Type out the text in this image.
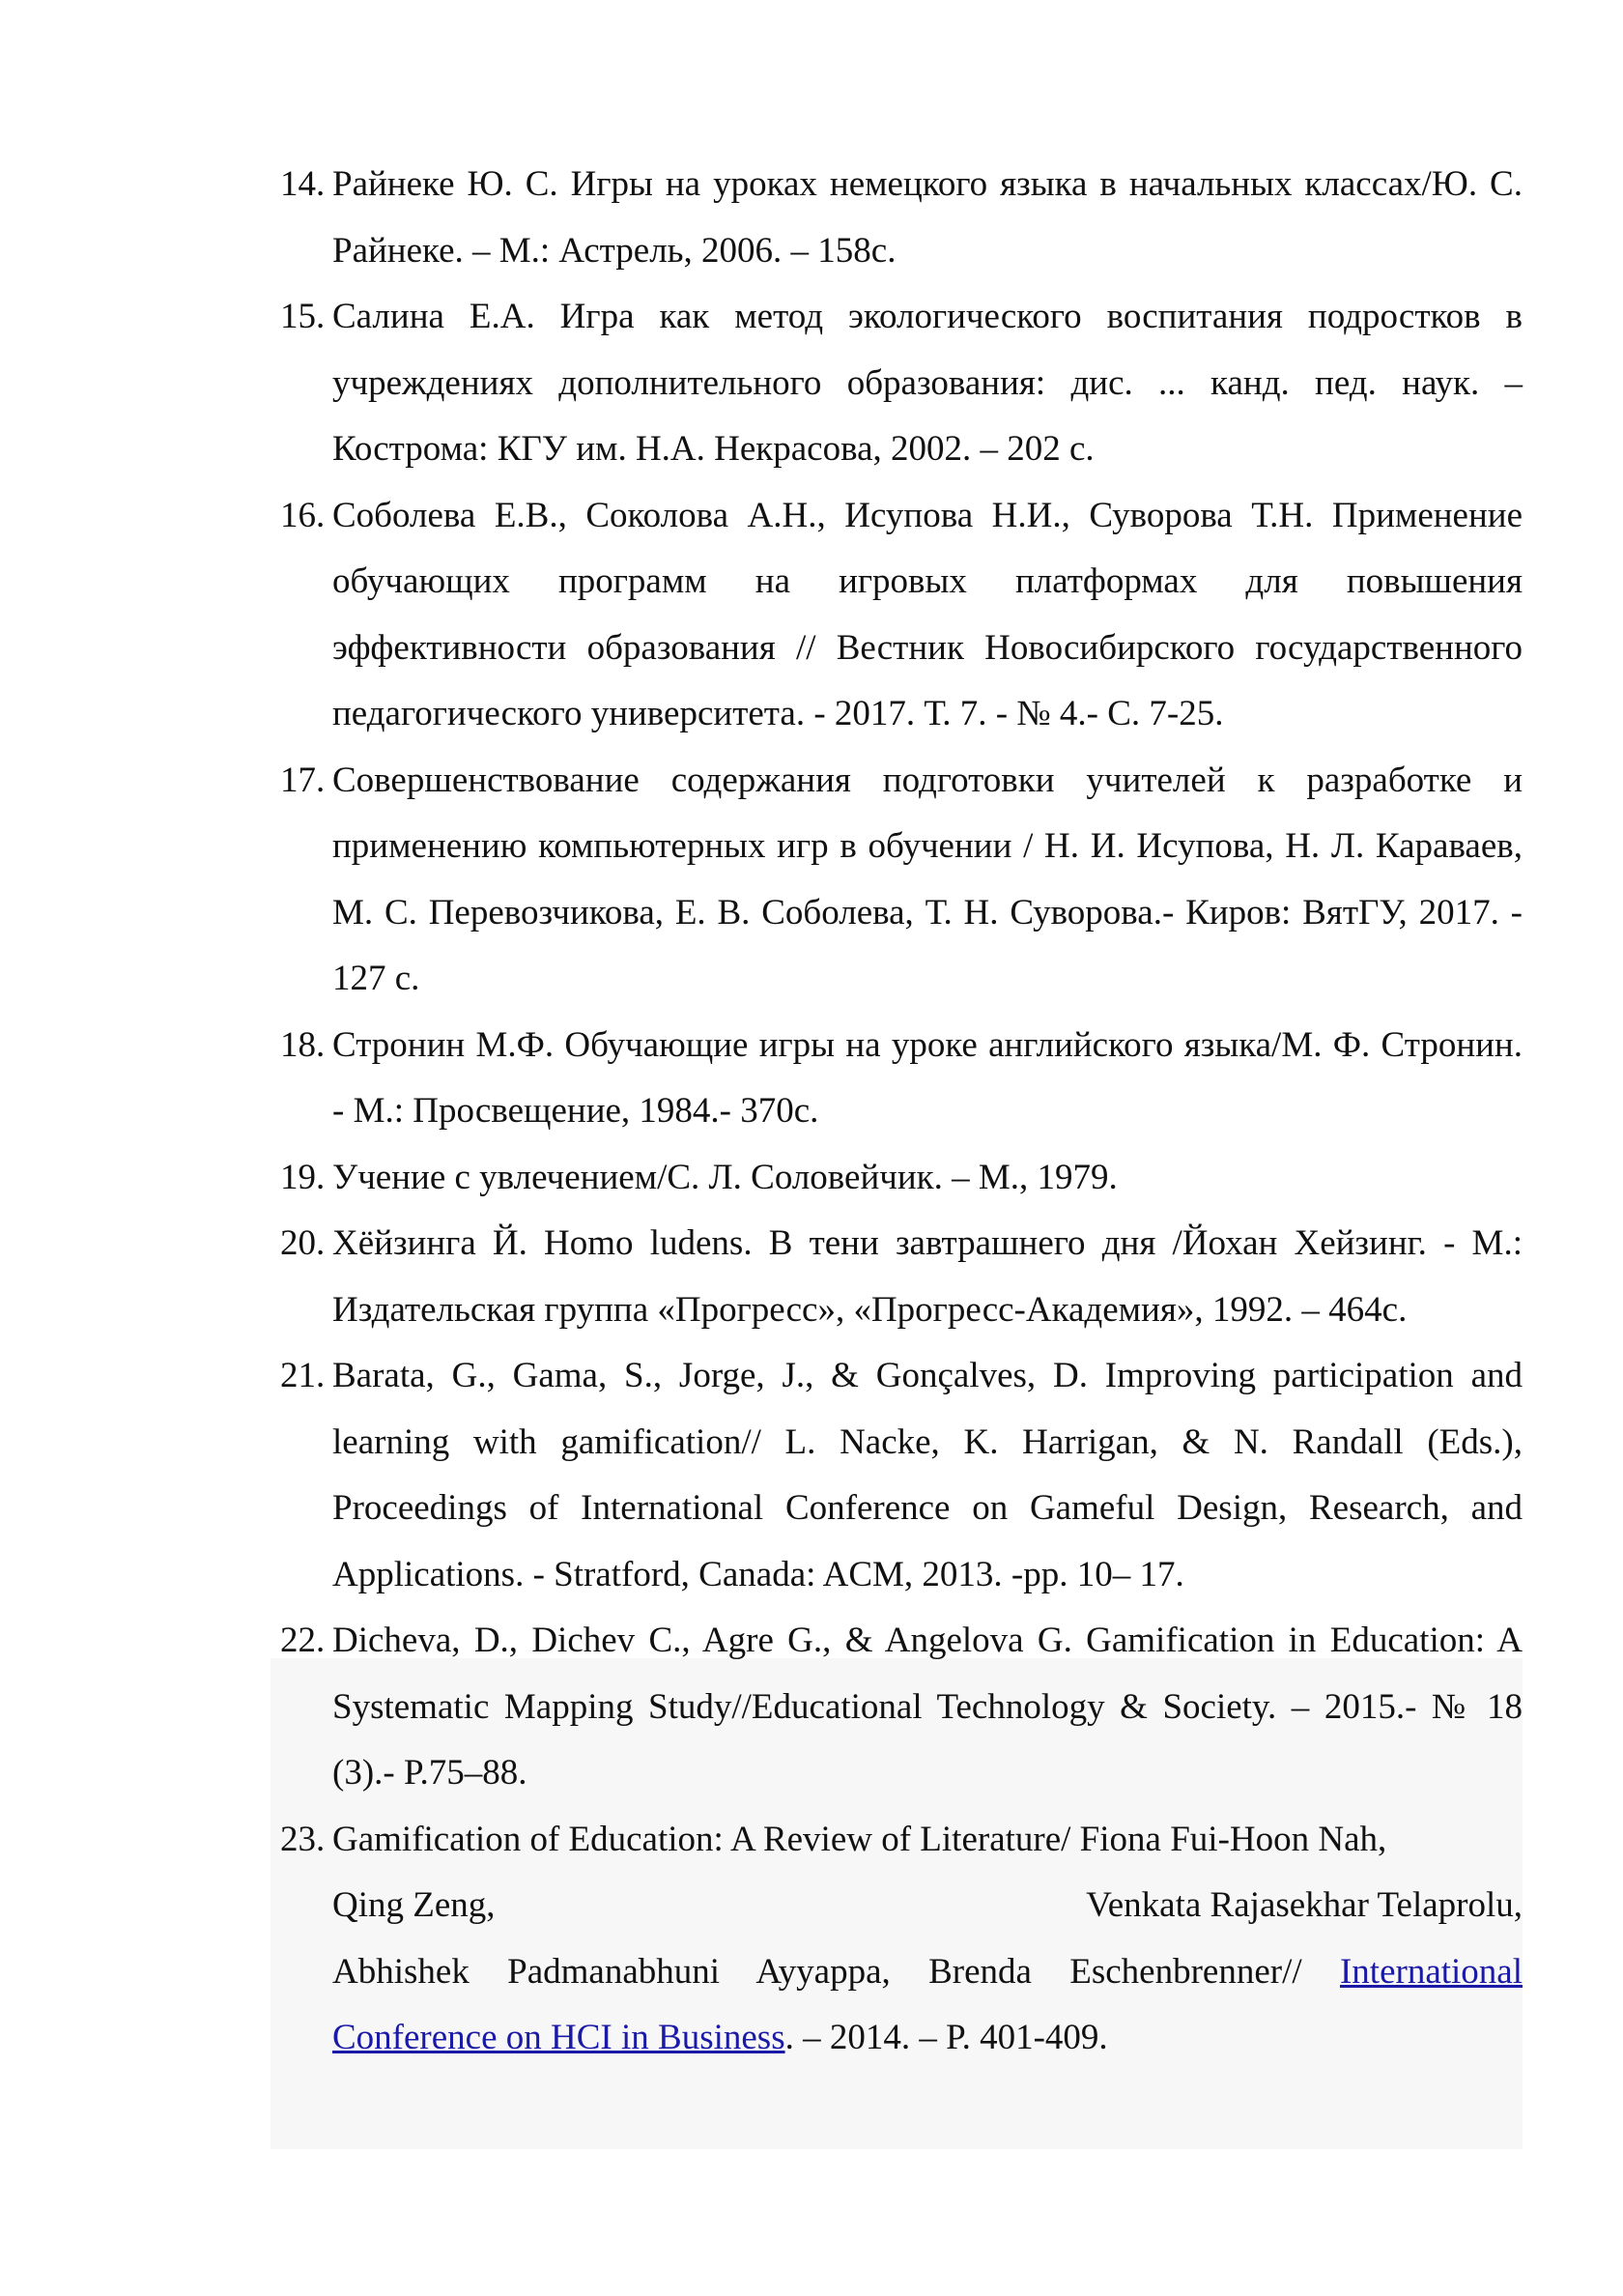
14. Райнеке Ю. С. Игры на уроках немецкого языка в начальных классах/Ю. С. Райнеке. – М.: Астрель, 2006. – 158с.
15. Салина Е.А. Игра как метод экологического воспитания подростков в учреждениях дополнительного образования: дис. ... канд. пед. наук. – Кострома: КГУ им. Н.А. Некрасова, 2002. – 202 с.
16. Соболева Е.В., Соколова А.Н., Исупова Н.И., Суворова Т.Н. Применение обучающих программ на игровых платформах для повышения эффективности образования // Вестник Новосибирского государственного педагогического университета. - 2017. Т. 7. - № 4.- С. 7-25.
17. Совершенствование содержания подготовки учителей к разработке и применению компьютерных игр в обучении / Н. И. Исупова, Н. Л. Караваев, М. С. Перевозчикова, Е. В. Соболева, Т. Н. Суворова.- Киров: ВятГУ, 2017. - 127 с.
18. Стронин М.Ф. Обучающие игры на уроке английского языка/М. Ф. Стронин. - М.: Просвещение, 1984.- 370с.
19. Учение с увлечением/С. Л. Соловейчик. – М., 1979.
20. Хёйзинга Й. Homo ludens. В тени завтрашнего дня /Йохан Хейзинг. - М.: Издательская группа «Прогресс», «Прогресс-Академия», 1992. – 464с.
21. Barata, G., Gama, S., Jorge, J., & Gonçalves, D. Improving participation and learning with gamification// L. Nacke, K. Harrigan, & N. Randall (Eds.), Proceedings of International Conference on Gameful Design, Research, and Applications. - Stratford, Canada: ACM, 2013. -pp. 10– 17.
22. Dicheva, D., Dichev C., Agre G., & Angelova G. Gamification in Education: A Systematic Mapping Study//Educational Technology & Society. – 2015.- № 18 (3).- P.75–88.
23. Gamification of Education: A Review of Literature/ Fiona Fui-Hoon Nah,
Qing Zeng,	Venkata Rajasekhar Telaprolu,
Abhishek Padmanabhuni Ayyappa, Brenda Eschenbrenner// International Conference on HCI in Business. – 2014. – P. 401-409.
